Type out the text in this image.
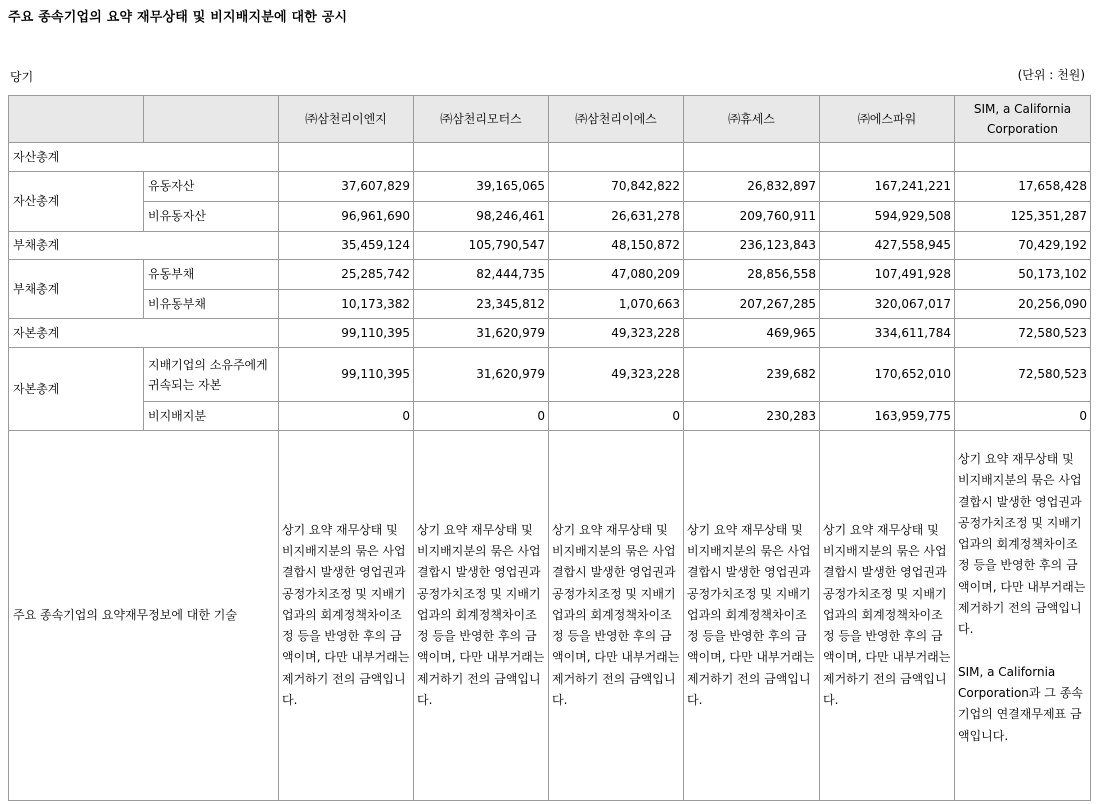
주요 종속기업의 요약 재무상태 및 비지배지분에 대한 공시
당기	(단위 : 천원)
		㈜삼천리이엔지	㈜삼천리모터스	㈜삼천리이에스	㈜휴세스	㈜에스파워	SIM, a California Corporation
자산총계							
자산총계	유동자산	37,607,829	39,165,065	70,842,822	26,832,897	167,241,221	17,658,428
	비유동자산	96,961,690	98,246,461	26,631,278	209,760,911	594,929,508	125,351,287
부채총계		35,459,124	105,790,547	48,150,872	236,123,843	427,558,945	70,429,192
부채총계	유동부채	25,285,742	82,444,735	47,080,209	28,856,558	107,491,928	50,173,102
	비유동부채	10,173,382	23,345,812	1,070,663	207,267,285	320,067,017	20,256,090
자본총계		99,110,395	31,620,979	49,323,228	469,965	334,611,784	72,580,523
자본총계	지배기업의 소유주에게 귀속되는 자본	99,110,395	31,620,979	49,323,228	239,682	170,652,010	72,580,523
	비지배지분	0	0	0	230,283	163,959,775	0
주요 종속기업의 요약재무정보에 대한 기술		상기 요약 재무상태 및 비지배지분의 묶은 사업결합시 발생한 영업권과 공정가치조정 및 지배기업과의 회계정책차이조정 등을 반영한 후의 금액이며, 다만 내부거래는 제거하기 전의 금액입니다.	상기 요약 재무상태 및 비지배지분의 묶은 사업결합시 발생한 영업권과 공정가치조정 및 지배기업과의 회계정책차이조정 등을 반영한 후의 금액이며, 다만 내부거래는 제거하기 전의 금액입니다.	상기 요약 재무상태 및 비지배지분의 묶은 사업결합시 발생한 영업권과 공정가치조정 및 지배기업과의 회계정책차이조정 등을 반영한 후의 금액이며, 다만 내부거래는 제거하기 전의 금액입니다.	상기 요약 재무상태 및 비지배지분의 묶은 사업결합시 발생한 영업권과 공정가치조정 및 지배기업과의 회계정책차이조정 등을 반영한 후의 금액이며, 다만 내부거래는 제거하기 전의 금액입니다.	상기 요약 재무상태 및 비지배지분의 묶은 사업결합시 발생한 영업권과 공정가치조정 및 지배기업과의 회계정책차이조정 등을 반영한 후의 금액이며, 다만 내부거래는 제거하기 전의 금액입니다.	상기 요약 재무상태 및 비지배지분의 묶은 사업결합시 발생한 영업권과 공정가치조정 및 지배기업과의 회계정책차이조정 등을 반영한 후의 금액이며, 다만 내부거래는 제거하기 전의 금액입니다.
SIM, a California Corporation과 그 종속기업의 연결재무제표 금액입니다.
